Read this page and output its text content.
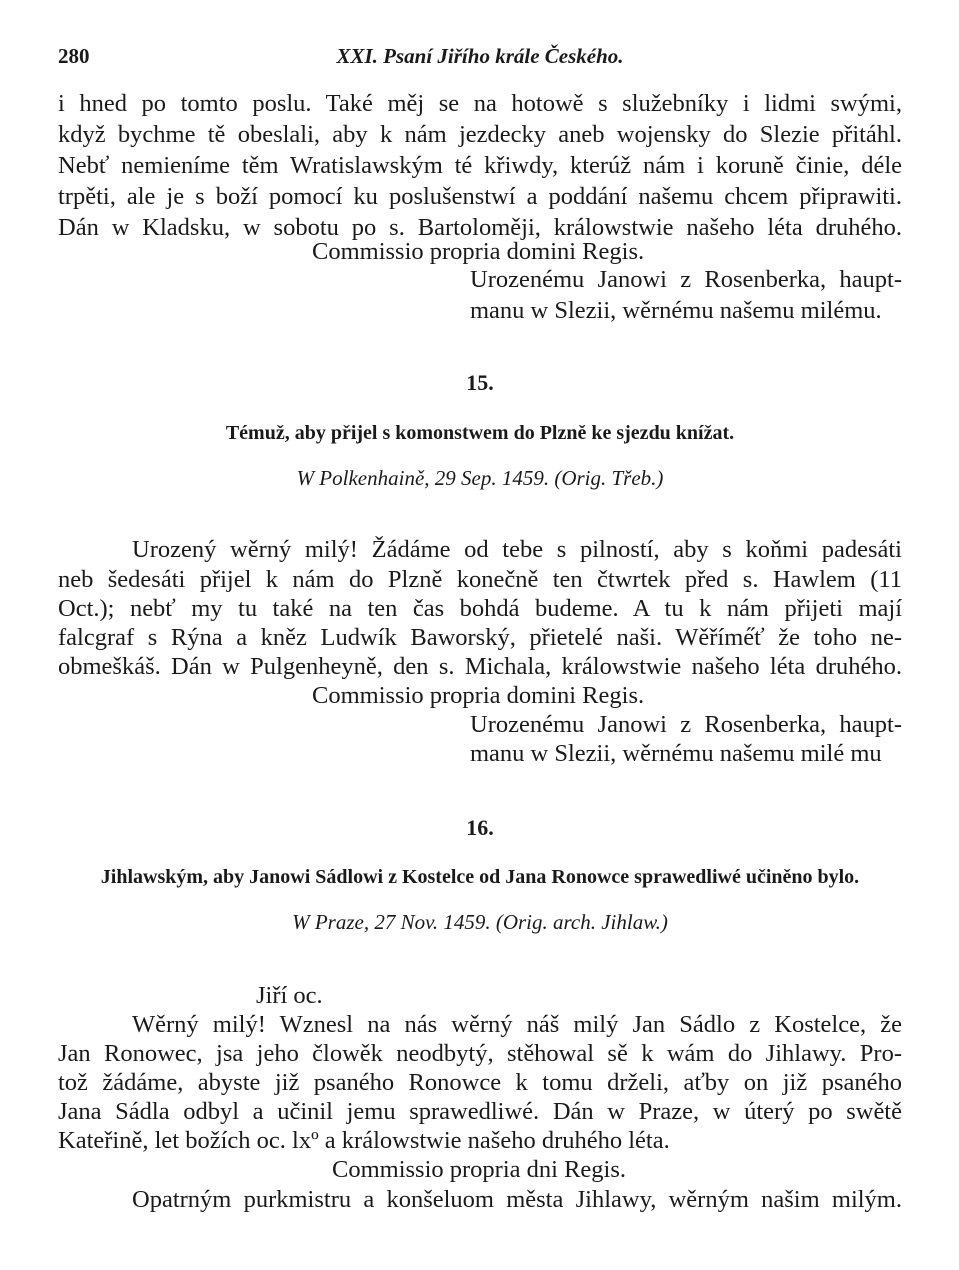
280	XXI. Psaní Jiřího krále Českého.
i hned po tomto poslu. Také měj se na hotowě s služebníky i lidmi swými,
když bychme tě obeslali, aby k nám jezdecky aneb wojensky do Slezie přitáhl.
Nebť nemieníme těm Wratislawským té křiwdy, kterúž nám i koruně činie, déle
trpěti, ale je s boží pomocí ku poslušenstwí a poddání našemu chcem připrawiti.
Dán w Kladsku, w sobotu po s. Bartoloměji, králowstwie našeho léta druhého.
Commissio propria domini Regis.
Urozenému Janowi z Rosenberka, haupt-
manu w Slezii, wěrnému našemu milému.
15.
Témuž, aby přijel s komonstwem do Plzně ke sjezdu knížat.
W Polkenhaině, 29 Sep. 1459. (Orig. Třeb.)
Urozený wěrný milý! Žádáme od tebe s pilností, aby s koňmi padesáti
neb šedesáti přijel k nám do Plzně konečně ten čtwrtek před s. Hawlem (11
Oct.); nebť my tu také na ten čas bohdá budeme. A tu k nám přijeti mají
falcgraf s Rýna a kněz Ludwík Baworský, přietelé naši. Wěříme̋ť že toho ne-
obmeškáš. Dán w Pulgenheyně, den s. Michala, králowstwie našeho léta druhého.
Commissio propria domini Regis.
Urozenému Janowi z Rosenberka, haupt-
manu w Slezii, wěrnému našemu milé mu
16.
Jihlawským, aby Janowi Sádlowi z Kostelce od Jana Ronowce sprawedliwé učiněno bylo.
W Praze, 27 Nov. 1459. (Orig. arch. Jihlaw.)
Jiří oc.
Wěrný milý! Wznesl na nás wěrný náš milý Jan Sádlo z Kostelce, že
Jan Ronowec, jsa jeho člowěk neodbytý, stěhowal sě k wám do Jihlawy. Pro-
tož žádáme, abyste již psaného Ronowce k tomu drželi, aťby on již psaného
Jana Sádla odbyl a učinil jemu sprawedliwé. Dán w Praze, w úterý po swětě
Kateřině, let božích oc. lxº a králowstwie našeho druhého léta.
Commissio propria dni Regis.
Opatrným purkmistru a konšeluom města Jihlawy, wěrným našim milým.
